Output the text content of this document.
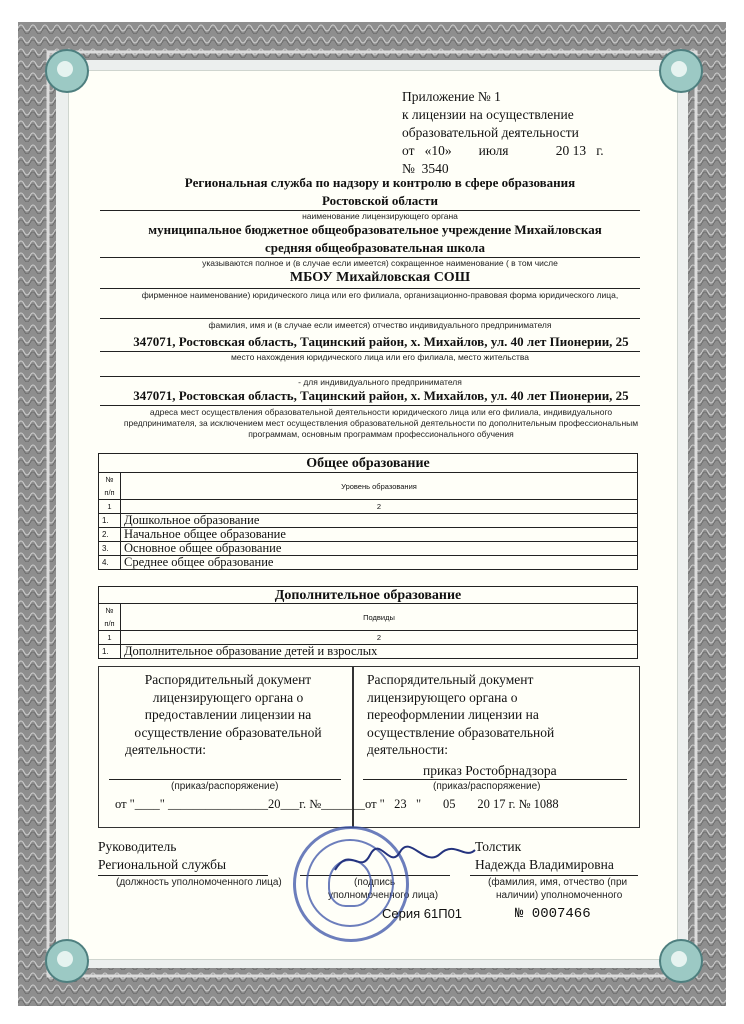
Приложение № 1
к лицензии на осуществление
образовательной деятельности
от   «10»        июля              20 13   г.
№  3540
Региональная служба по надзору и контролю в сфере образования
Ростовской области
наименование лицензирующего органа
муниципальное бюджетное общеобразовательное учреждение Михайловская
средняя общеобразовательная школа
указываются полное и (в случае если имеется) сокращенное наименование ( в том числе
МБОУ Михайловская СОШ
фирменное наименование) юридического лица или его филиала, организационно-правовая форма юридического лица,
фамилия, имя и (в случае если имеется) отчество индивидуального предпринимателя
347071, Ростовская область, Тацинский район, х. Михайлов, ул. 40 лет Пионерии, 25
место нахождения юридического лица или его филиала, место жительства
- для индивидуального предпринимателя
347071, Ростовская область, Тацинский район, х. Михайлов, ул. 40 лет Пионерии, 25
адреса мест осуществления образовательной деятельности юридического лица или его филиала, индивидуального
предпринимателя, за исключением мест осуществления образовательной деятельности по дополнительным профессиональным
программам, основным программам профессионального обучения
Общее образование	
№ п/п	Уровень образования
1	2
1.	Дошкольное образование
2.	Начальное общее образование
3.	Основное общее образование
4.	Среднее общее образование
Дополнительное образование	
№ п/п	Подвиды
1	2
1.	Дополнительное образование детей и взрослых
Распорядительный документ
лицензирующего органа о
предоставлении лицензии на
осуществление образовательной
деятельности:
(приказ/распоряжение)
от "____" ________________20___г. №_______
Распорядительный документ
лицензирующего органа о
переоформлении лицензии на
осуществление образовательной
деятельности:
приказ Ростобрнадзора
(приказ/распоряжение)
от "   23   "       05       20 17 г. № 1088
Руководитель
Региональной службы
(должность уполномоченного лица)	(подпись
уполномоченного лица)
Толстик
Надежда Владимировна
(фамилия, имя, отчество (при
наличии) уполномоченного
Серия 61П01	№ 0007466
